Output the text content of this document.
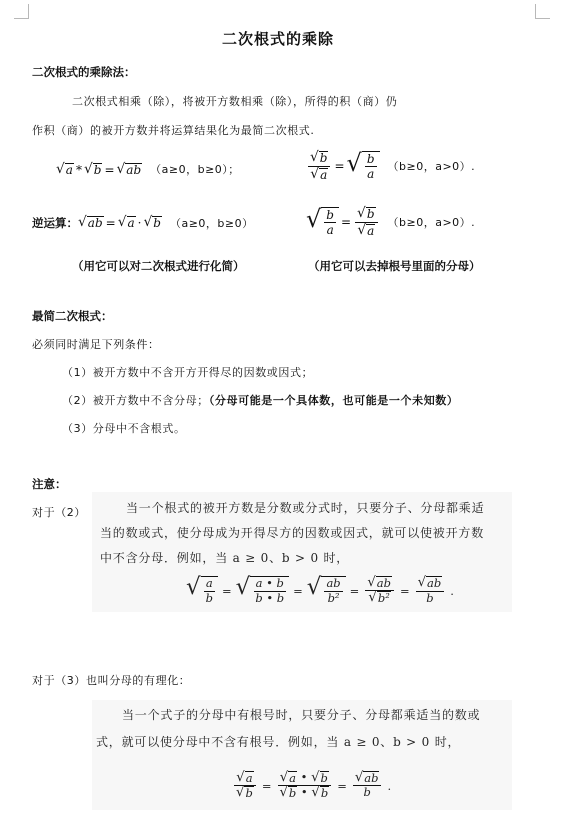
二次根式的乘除
二次根式的乘除法：
二次根式相乘（除），将被开方数相乘（除），所得的积（商）仍
作积（商）的被开方数并将运算结果化为最简二次根式.
√ a * √ b = √ ab （a≥0，b≥0）；	$\frac{√ b}{√ a}$ = √ $\frac{b}{a} (b\ge 0$，a>0）.
逆运算： √ ab = √ a · √ b （a≥0，b≥0） √ $\frac{b}{a} = \frac{√ b}{√ a} (b\ge 0$，a>0）.
（用它可以对二次根式进行化简）	（用它可以去掉根号里面的分母）
最简二次根式：
必须同时满足下列条件：
（1）被开方数中不含开方开得尽的因数或因式；
（2）被开方数中不含分母；（分母可能是一个具体数，也可能是一个未知数）
（3）分母中不含根式。
注意：
对于（2）	当一个根式的被开方数是分数或分式时，只要分子、分母都乘适
当的数或式，使分母成为开得尽方的因数或因式，就可以使被开方数
中不含分母．例如，当 a ≥ 0、b > 0 时，
√ $\frac{a}{b}$ = √ $\frac{a • b}{b • b}$ = √ $\frac{ab}{\text{b²}} = \frac{√ ab}{\text{√ b²}} = \frac{√ ab}{b}$ .
对于（3）也叫分母的有理化：
当一个式子的分母中有根号时，只要分子、分母都乘适当的数或
式，就可以使分母中不含有根号．例如，当 a ≥ 0、b > 0 时，
$\frac{√ a}{√ b} = \frac{√ a • √ b}{√ b • √ b} = \frac{√ ab}{b}$ .
